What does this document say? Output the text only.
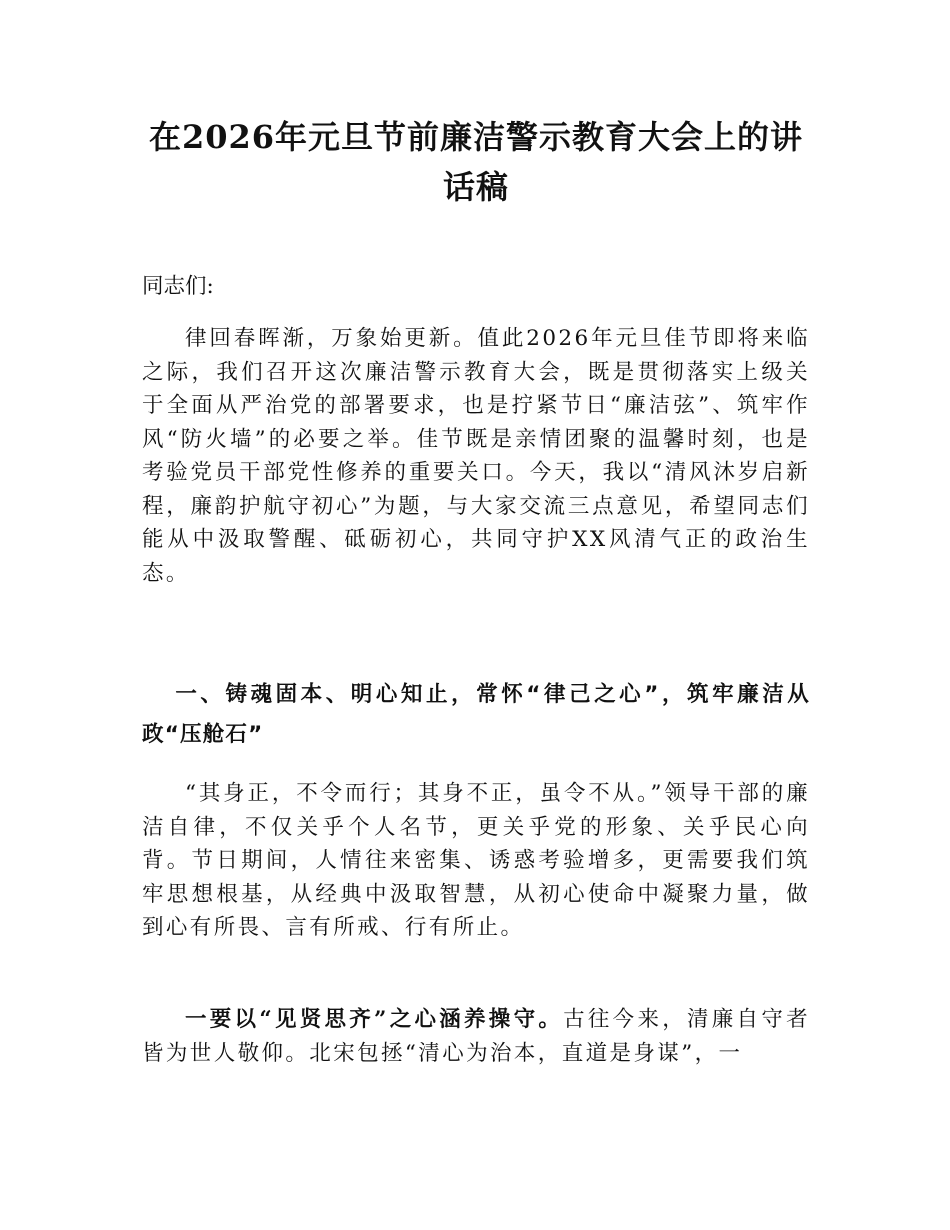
在2026年元旦节前廉洁警示教育大会上的讲话稿

同志们:

律回春晖渐，万象始更新。值此2026年元旦佳节即将来临之际，我们召开这次廉洁警示教育大会，既是贯彻落实上级关于全面从严治党的部署要求，也是拧紧节日“廉洁弦”、筑牢作风“防火墙”的必要之举。佳节既是亲情团聚的温馨时刻，也是考验党员干部党性修养的重要关口。今天，我以“清风沐岁启新程，廉韵护航守初心”为题，与大家交流三点意见，希望同志们能从中汲取警醒、砥砺初心，共同守护XX风清气正的政治生态。

一、铸魂固本、明心知止，常怀“律己之心”，筑牢廉洁从政“压舱石”

“其身正，不令而行；其身不正，虽令不从。”领导干部的廉洁自律，不仅关乎个人名节，更关乎党的形象、关乎民心向背。节日期间，人情往来密集、诱惑考验增多，更需要我们筑牢思想根基，从经典中汲取智慧，从初心使命中凝聚力量，做到心有所畏、言有所戒、行有所止。

一要以“见贤思齐”之心涵养操守。古往今来，清廉自守者皆为世人敬仰。北宋包拯“清心为治本，直道是身谋”，一
